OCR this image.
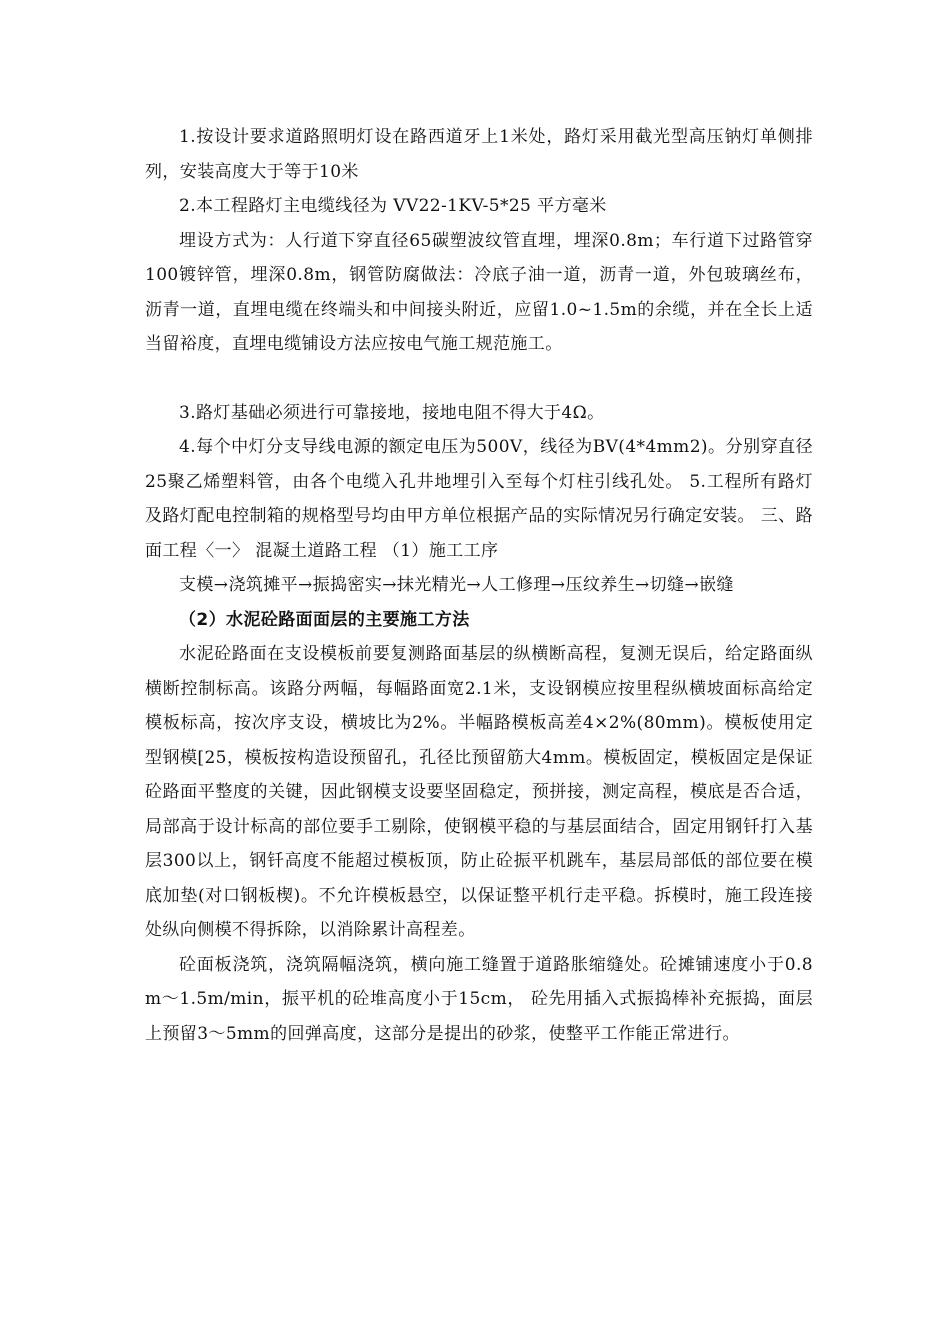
1.按设计要求道路照明灯设在路西道牙上1米处，路灯采用截光型高压钠灯单侧排列，安装高度大于等于10米

2.本工程路灯主电缆线径为 VV22-1KV-5*25 平方毫米

埋设方式为：人行道下穿直径65碳塑波纹管直埋，埋深0.8m；车行道下过路管穿100镀锌管，埋深0.8m，钢管防腐做法：冷底子油一道，沥青一道，外包玻璃丝布，沥青一道，直埋电缆在终端头和中间接头附近，应留1.0~1.5m的余缆，并在全长上适当留裕度，直埋电缆铺设方法应按电气施工规范施工。

3.路灯基础必须进行可靠接地，接地电阻不得大于4Ω。

4.每个中灯分支导线电源的额定电压为500V，线径为BV(4*4mm2)。分别穿直径25聚乙烯塑料管，由各个电缆入孔井地埋引入至每个灯柱引线孔处。 5.工程所有路灯及路灯配电控制箱的规格型号均由甲方单位根据产品的实际情况另行确定安装。 三、路面工程〈一〉 混凝土道路工程 （1）施工工序

支模→浇筑摊平→振捣密实→抹光精光→人工修理→压纹养生→切缝→嵌缝

（2）水泥砼路面面层的主要施工方法

水泥砼路面在支设模板前要复测路面基层的纵横断高程，复测无误后，给定路面纵横断控制标高。该路分两幅，每幅路面宽2.1米，支设钢模应按里程纵横坡面标高给定模板标高，按次序支设，横坡比为2%。半幅路模板高差4×2%(80mm)。模板使用定型钢模[25，模板按构造设预留孔，孔径比预留筋大4mm。模板固定，模板固定是保证砼路面平整度的关键，因此钢模支设要坚固稳定，预拼接，测定高程，模底是否合适，局部高于设计标高的部位要手工剔除，使钢模平稳的与基层面结合，固定用钢钎打入基层300以上，钢钎高度不能超过模板顶，防止砼振平机跳车，基层局部低的部位要在模底加垫(对口钢板楔)。不允许模板悬空，以保证整平机行走平稳。拆模时，施工段连接处纵向侧模不得拆除，以消除累计高程差。

砼面板浇筑，浇筑隔幅浇筑，横向施工缝置于道路胀缩缝处。砼摊铺速度小于0.8m～1.5m/min，振平机的砼堆高度小于15cm， 砼先用插入式振捣棒补充振捣，面层上预留3～5mm的回弹高度，这部分是提出的砂浆，使整平工作能正常进行。
